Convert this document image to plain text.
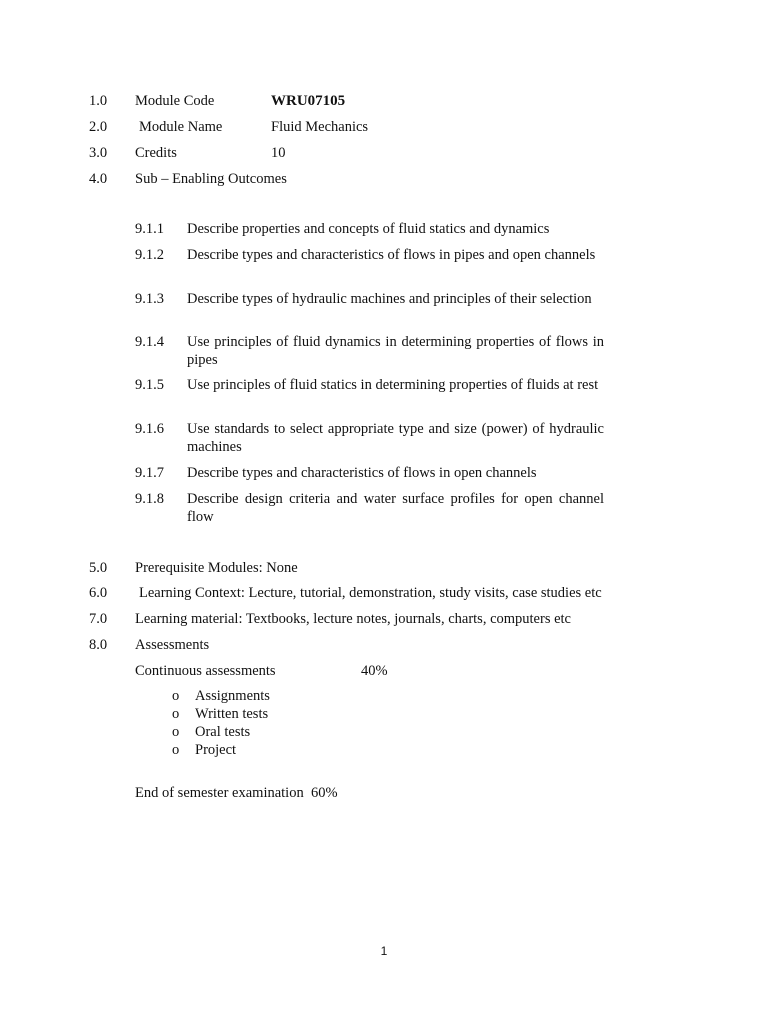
1.0 Module Code	WRU07105
2.0 Module Name	Fluid Mechanics
3.0 Credits	10
4.0 Sub – Enabling Outcomes
9.1.1 Describe properties and concepts of fluid statics and dynamics
9.1.2 Describe types and characteristics of flows in pipes and open channels
9.1.3 Describe types of hydraulic machines and principles of their selection
9.1.4 Use principles of fluid dynamics in determining properties of flows in pipes
9.1.5 Use principles of fluid statics in determining properties of fluids at rest
9.1.6 Use standards to select appropriate type and size (power) of hydraulic machines
9.1.7 Describe types and characteristics of flows in open channels
9.1.8 Describe design criteria and water surface profiles for open channel flow
5.0 Prerequisite Modules: None
6.0 Learning Context: Lecture, tutorial, demonstration, study visits, case studies etc
7.0 Learning material: Textbooks, lecture notes, journals, charts, computers etc
8.0 Assessments
Continuous assessments	40%
o Assignments
o Written tests
o Oral tests
o Project
End of semester examination  60%
1
